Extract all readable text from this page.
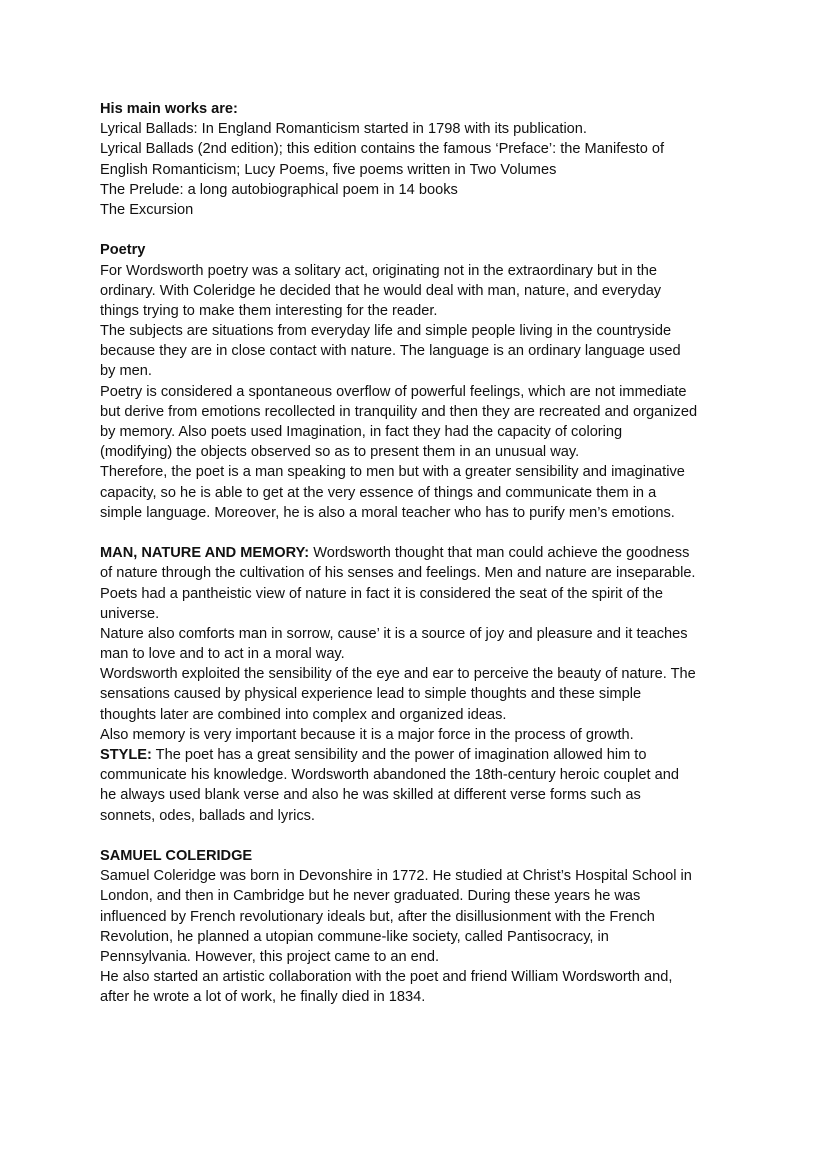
His main works are:
Lyrical Ballads: In England Romanticism started in 1798 with its publication.
Lyrical Ballads (2nd edition); this edition contains the famous ‘Preface’: the Manifesto of
English Romanticism; Lucy Poems, five poems written in Two Volumes
The Prelude: a long autobiographical poem in 14 books
The Excursion
Poetry
For Wordsworth poetry was a solitary act, originating not in the extraordinary but in the
ordinary. With Coleridge he decided that he would deal with man, nature, and everyday
things trying to make them interesting for the reader.
The subjects are situations from everyday life and simple people living in the countryside
because they are in close contact with nature. The language is an ordinary language used
by men.
Poetry is considered a spontaneous overflow of powerful feelings, which are not immediate
but derive from emotions recollected in tranquility and then they are recreated and organized
by memory. Also poets used Imagination, in fact they had the capacity of coloring
(modifying) the objects observed so as to present them in an unusual way.
Therefore, the poet is a man speaking to men but with a greater sensibility and imaginative
capacity, so he is able to get at the very essence of things and communicate them in a
simple language. Moreover, he is also a moral teacher who has to purify men’s emotions.
MAN, NATURE AND MEMORY: Wordsworth thought that man could achieve the goodness
of nature through the cultivation of his senses and feelings. Men and nature are inseparable.
Poets had a pantheistic view of nature in fact it is considered the seat of the spirit of the
universe.
Nature also comforts man in sorrow, cause’ it is a source of joy and pleasure and it teaches
man to love and to act in a moral way.
Wordsworth exploited the sensibility of the eye and ear to perceive the beauty of nature. The
sensations caused by physical experience lead to simple thoughts and these simple
thoughts later are combined into complex and organized ideas.
Also memory is very important because it is a major force in the process of growth.
STYLE: The poet has a great sensibility and the power of imagination allowed him to
communicate his knowledge. Wordsworth abandoned the 18th-century heroic couplet and
he always used blank verse and also he was skilled at different verse forms such as
sonnets, odes, ballads and lyrics.
SAMUEL COLERIDGE
Samuel Coleridge was born in Devonshire in 1772. He studied at Christ’s Hospital School in
London, and then in Cambridge but he never graduated. During these years he was
influenced by French revolutionary ideals but, after the disillusionment with the French
Revolution, he planned a utopian commune-like society, called Pantisocracy, in
Pennsylvania. However, this project came to an end.
He also started an artistic collaboration with the poet and friend William Wordsworth and,
after he wrote a lot of work, he finally died in 1834.
